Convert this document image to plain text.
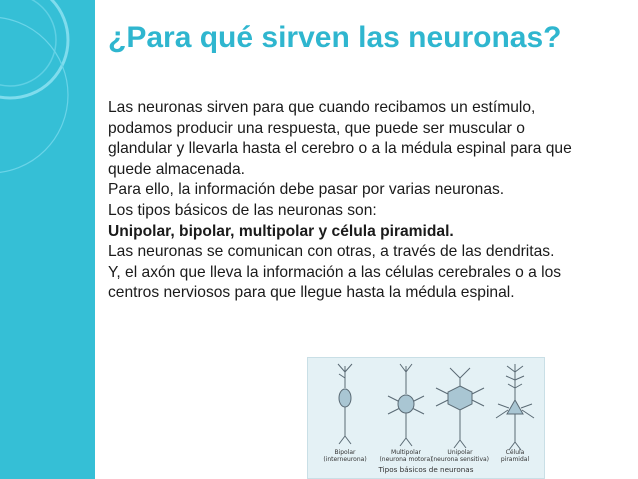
¿Para qué sirven las neuronas?

Las neuronas sirven para que cuando recibamos un estímulo, podamos producir una respuesta, que puede ser muscular o glandular y llevarla hasta el cerebro o a la médula espinal para que quede almacenada.

Para ello, la información debe pasar por varias neuronas.

Los tipos básicos de las neuronas son:

Unipolar, bipolar, multipolar y célula piramidal.

Las neuronas se comunican con otras, a través de las dendritas.

Y, el axón que lleva la información a las células cerebrales o a los centros nerviosos para que llegue hasta la médula espinal.

Bipolar
(interneurona)
Multipolar
(neurona motora)
Unipolar
(neurona sensitiva)
Célula
piramidal
Tipos básicos de neuronas
